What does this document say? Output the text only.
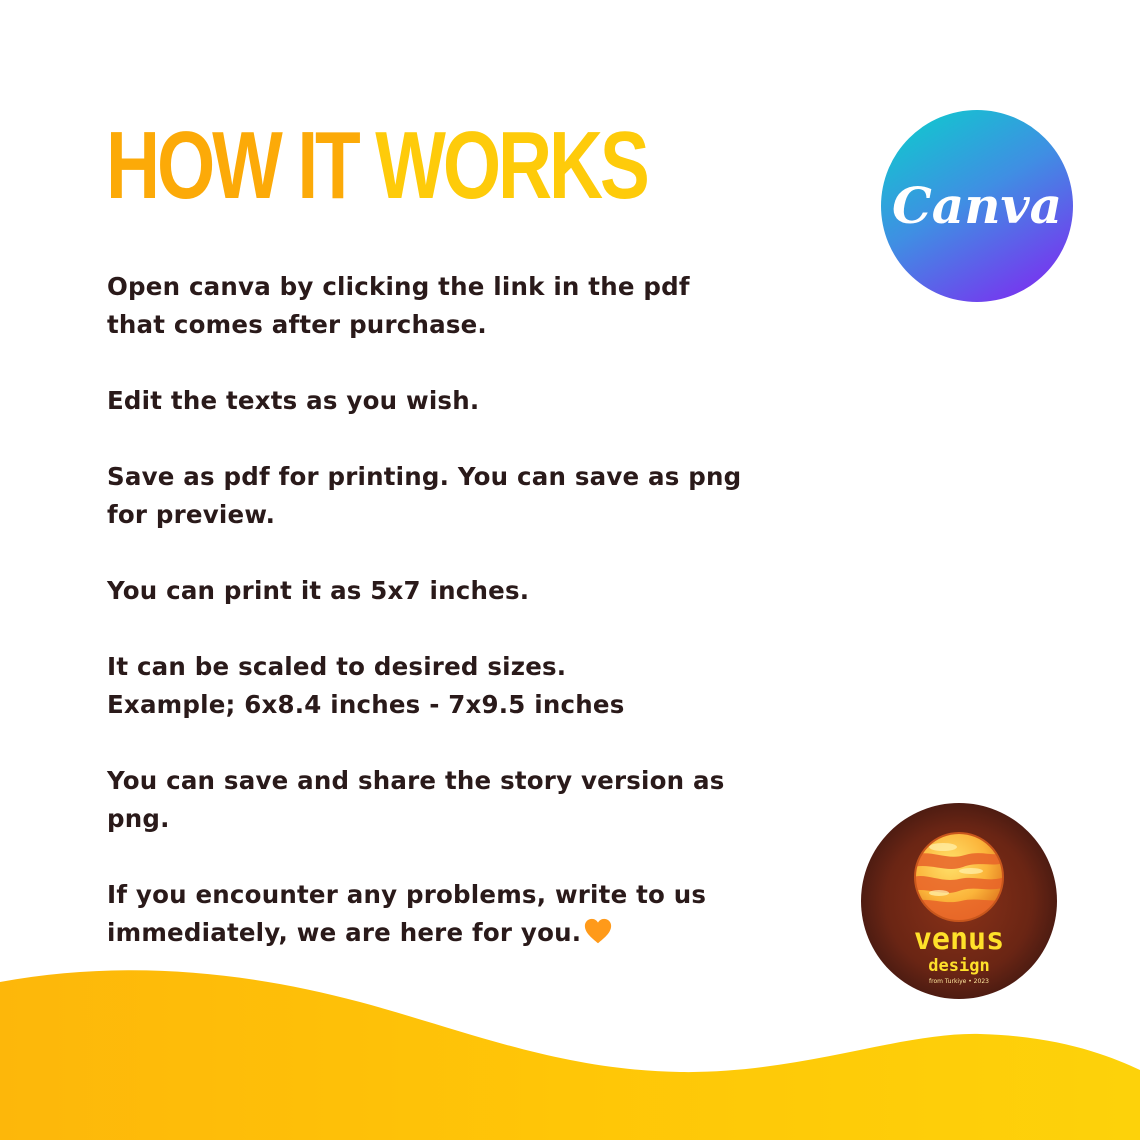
HOW IT WORKS

Open canva by clicking the link in the pdf
that comes after purchase.

Edit the texts as you wish.

Save as pdf for printing. You can save as png
for preview.

You can print it as 5x7 inches.

It can be scaled to desired sizes.
Example; 6x8.4 inches - 7x9.5 inches

You can save and share the story version as
png.

If you encounter any problems, write to us
immediately, we are here for you.

Canva
venus
design
from Turkiye • 2023
